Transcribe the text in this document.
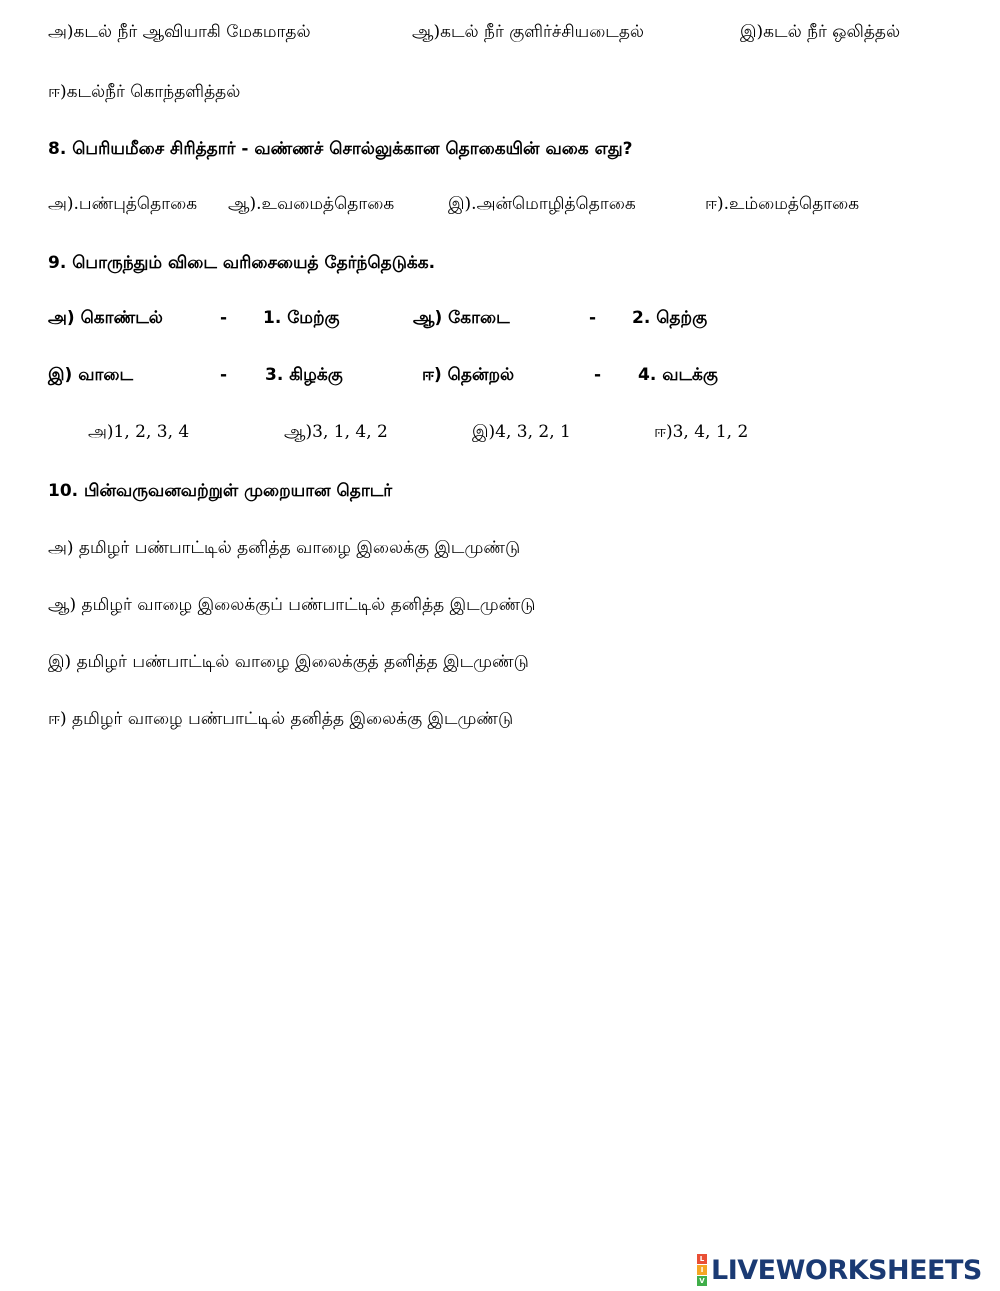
அ)கடல் நீர் ஆவியாகி மேகமாதல்	ஆ)கடல் நீர் குளிர்ச்சியடைதல்	இ)கடல் நீர் ஒலித்தல்
ஈ)கடல்நீர் கொந்தளித்தல்
8. பெரியமீசை சிரித்தார் - வண்ணச் சொல்லுக்கான தொகையின் வகை எது?
அ).பண்புத்தொகை ஆ).உவமைத்தொகை	இ).அன்மொழித்தொகை	ஈ).உம்மைத்தொகை
9. பொருந்தும் விடை வரிசையைத் தேர்ந்தெடுக்க.
அ) கொண்டல்	- 1. மேற்கு	ஆ) கோடை	- 2. தெற்கு
இ) வாடை	- 3. கிழக்கு	ஈ) தென்றல்	- 4. வடக்கு
அ)1, 2, 3, 4	ஆ)3, 1, 4, 2	இ)4, 3, 2, 1	ஈ)3, 4, 1, 2
10. பின்வருவனவற்றுள் முறையான தொடர்
அ) தமிழர் பண்பாட்டில் தனித்த வாழை இலைக்கு இடமுண்டு
ஆ) தமிழர் வாழை இலைக்குப் பண்பாட்டில் தனித்த இடமுண்டு
இ) தமிழர் பண்பாட்டில் வாழை இலைக்குத் தனித்த இடமுண்டு
ஈ) தமிழர் வாழை பண்பாட்டில் தனித்த இலைக்கு இடமுண்டு
L
I
V LIVEWORKSHEETS
